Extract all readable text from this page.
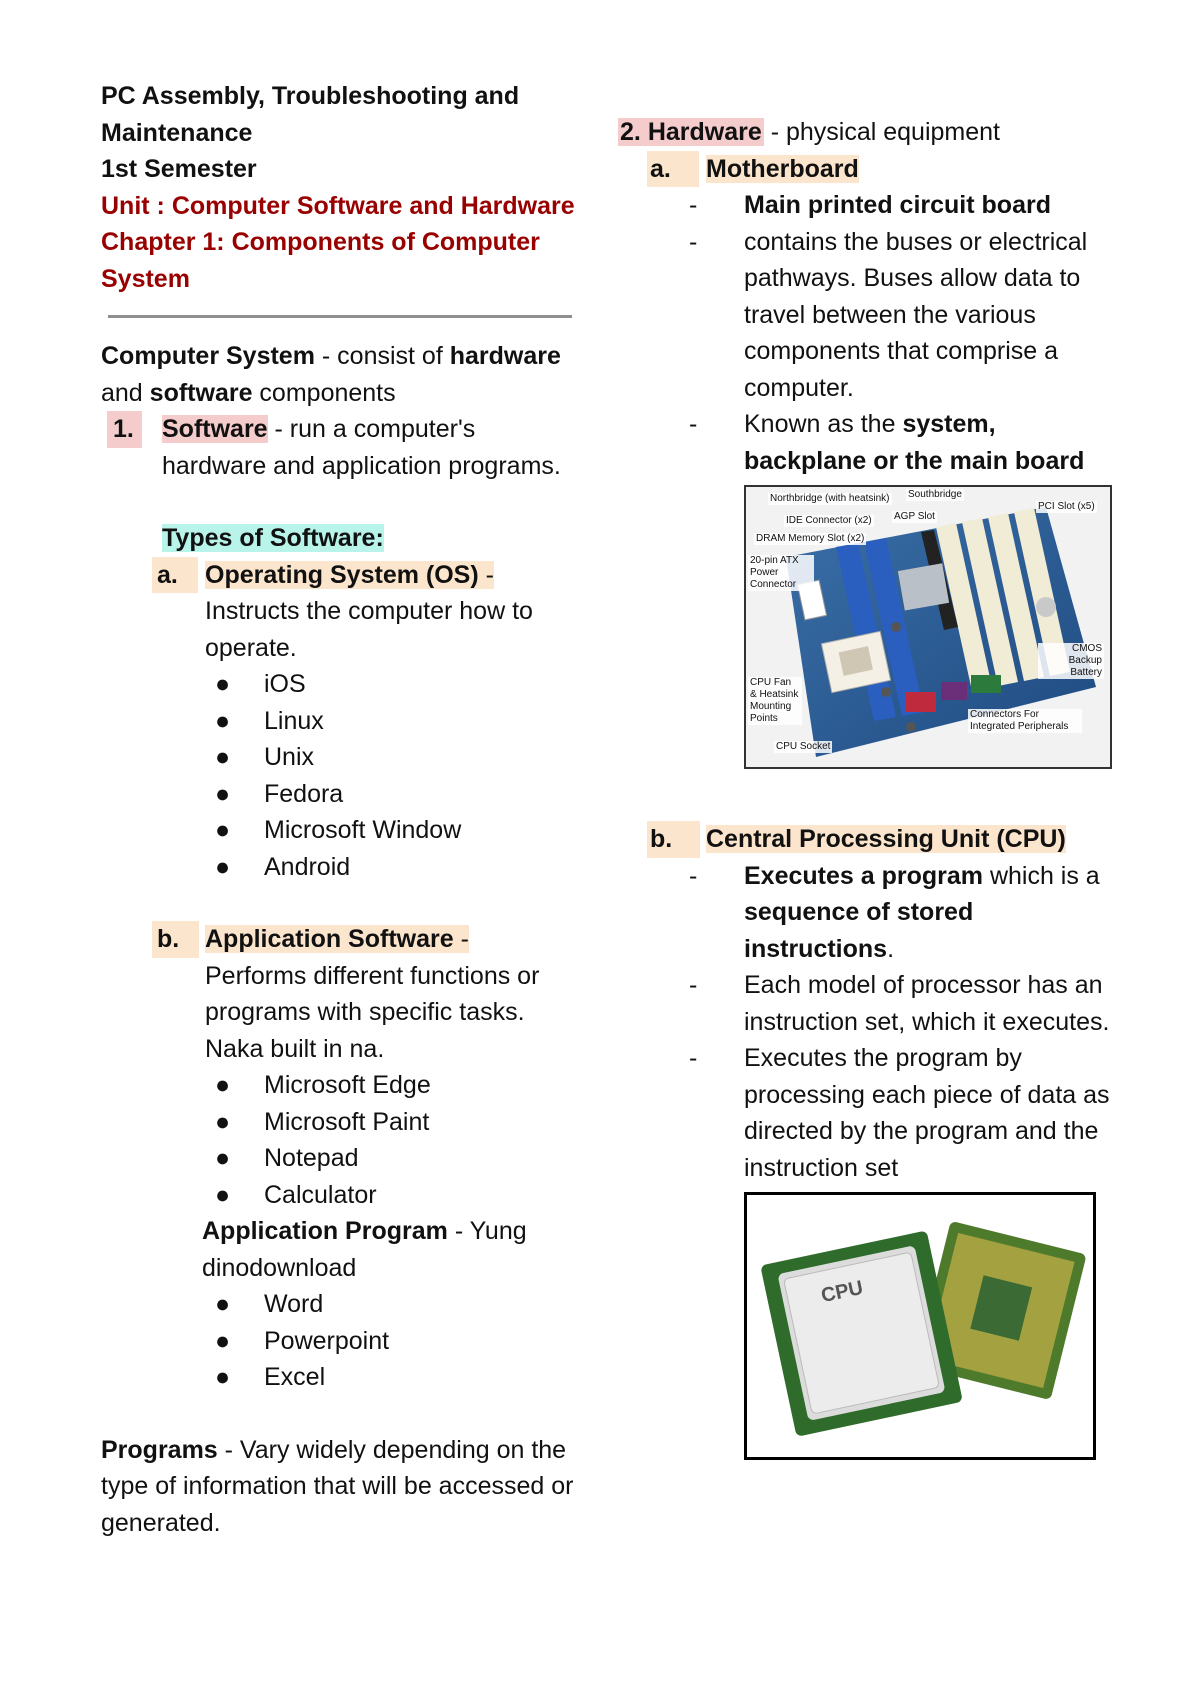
PC Assembly, Troubleshooting and Maintenance

1st Semester

Unit : Computer Software and Hardware

Chapter 1: Components of Computer System

Computer System - consist of hardware and software components

1.	Software - run a computer's hardware and application programs.

Types of Software:

a.	Operating System (OS) -
Instructs the computer how to operate.
● iOS
● Linux
● Unix
● Fedora
● Microsoft Window
● Android
b.	Application Software -
Performs different functions or programs with specific tasks. Naka built in na.
● Microsoft Edge
● Microsoft Paint
● Notepad
● Calculator

Application Program - Yung dinodownload

● Word
● Powerpoint
● Excel

Programs - Vary widely depending on the type of information that will be accessed or generated.

2. Hardware - physical equipment

a.	Motherboard
- Main printed circuit board
- contains the buses or electrical pathways. Buses allow data to travel between the various components that comprise a computer.
- Known as the system, backplane or the main board
Northbridge (with heatsink) Southbridge
IDE Connector (x2) AGP Slot
PCI Slot (x5)
DRAM Memory Slot (x2)
20-pin ATX Power Connector
CMOS Backup Battery
CPU Fan & Heatsink Mounting Points	Connectors For Integrated Peripherals
CPU Socket
b.	Central Processing Unit (CPU)
- Executes a program which is a sequence of stored instructions.
- Each model of processor has an instruction set, which it executes.
- Executes the program by processing each piece of data as directed by the program and the instruction set
CPU
